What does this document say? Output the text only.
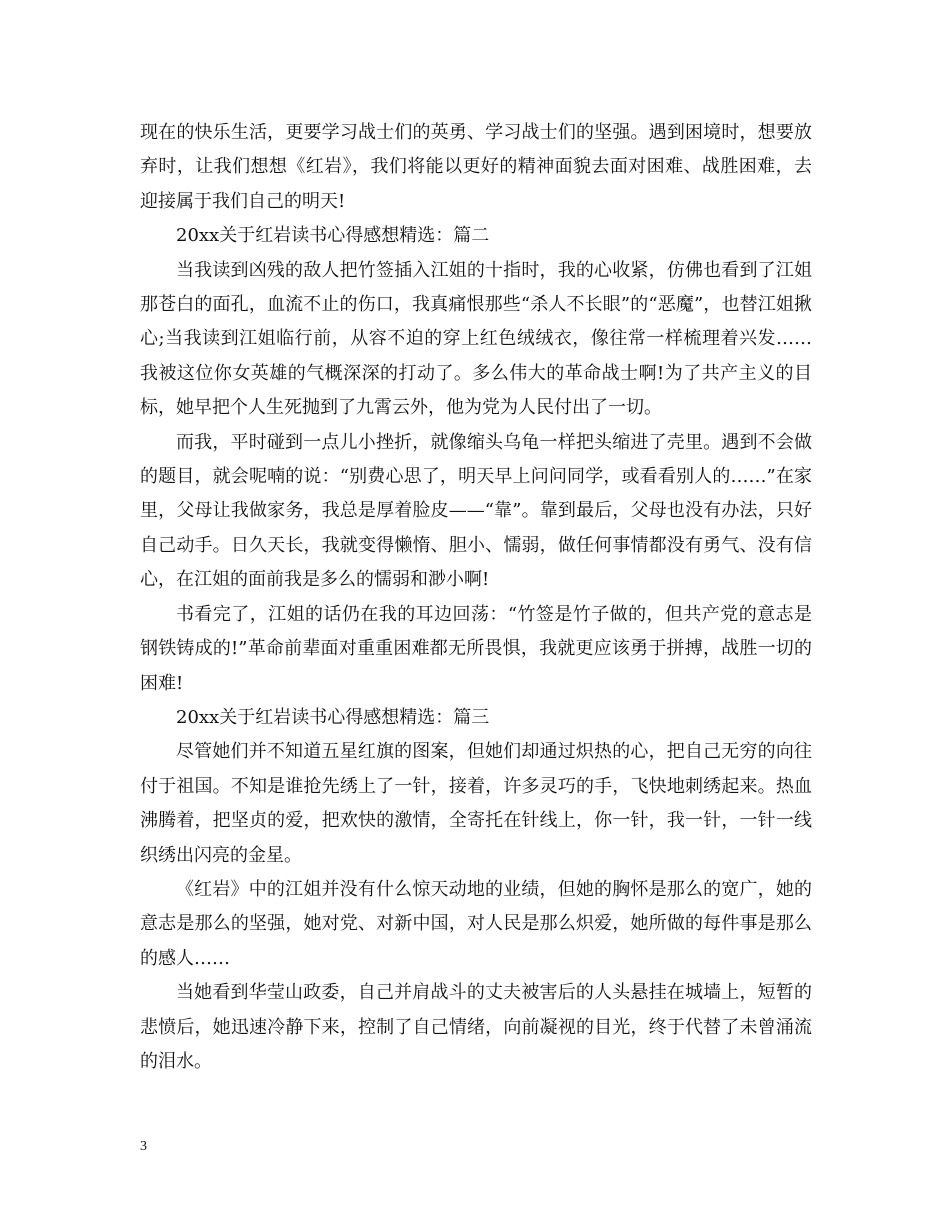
现在的快乐生活，更要学习战士们的英勇、学习战士们的坚强。遇到困境时，想要放弃时，让我们想想《红岩》，我们将能以更好的精神面貌去面对困难、战胜困难，去迎接属于我们自己的明天!

20xx关于红岩读书心得感想精选：篇二

当我读到凶残的敌人把竹签插入江姐的十指时，我的心收紧，仿佛也看到了江姐那苍白的面孔，血流不止的伤口，我真痛恨那些“杀人不长眼”的“恶魔”，也替江姐揪心;当我读到江姐临行前，从容不迫的穿上红色绒绒衣，像往常一样梳理着兴发……我被这位你女英雄的气概深深的打动了。多么伟大的革命战士啊!为了共产主义的目标，她早把个人生死抛到了九霄云外，他为党为人民付出了一切。

而我，平时碰到一点儿小挫折，就像缩头乌龟一样把头缩进了壳里。遇到不会做的题目，就会呢喃的说：“别费心思了，明天早上问问同学，或看看别人的……”在家里，父母让我做家务，我总是厚着脸皮——“靠”。靠到最后，父母也没有办法，只好自己动手。日久天长，我就变得懒惰、胆小、懦弱，做任何事情都没有勇气、没有信心，在江姐的面前我是多么的懦弱和渺小啊!

书看完了，江姐的话仍在我的耳边回荡：“竹签是竹子做的，但共产党的意志是钢铁铸成的!”革命前辈面对重重困难都无所畏惧，我就更应该勇于拼搏，战胜一切的困难!

20xx关于红岩读书心得感想精选：篇三

尽管她们并不知道五星红旗的图案，但她们却通过炽热的心，把自己无穷的向往付于祖国。不知是谁抢先绣上了一针，接着，许多灵巧的手，飞快地刺绣起来。热血沸腾着，把坚贞的爱，把欢快的激情，全寄托在针线上，你一针，我一针，一针一线织绣出闪亮的金星。

《红岩》中的江姐并没有什么惊天动地的业绩，但她的胸怀是那么的宽广，她的意志是那么的坚强，她对党、对新中国，对人民是那么炽爱，她所做的每件事是那么的感人……

当她看到华莹山政委，自己并肩战斗的丈夫被害后的人头悬挂在城墙上，短暂的悲愤后，她迅速冷静下来，控制了自己情绪，向前凝视的目光，终于代替了未曾涌流的泪水。

3
